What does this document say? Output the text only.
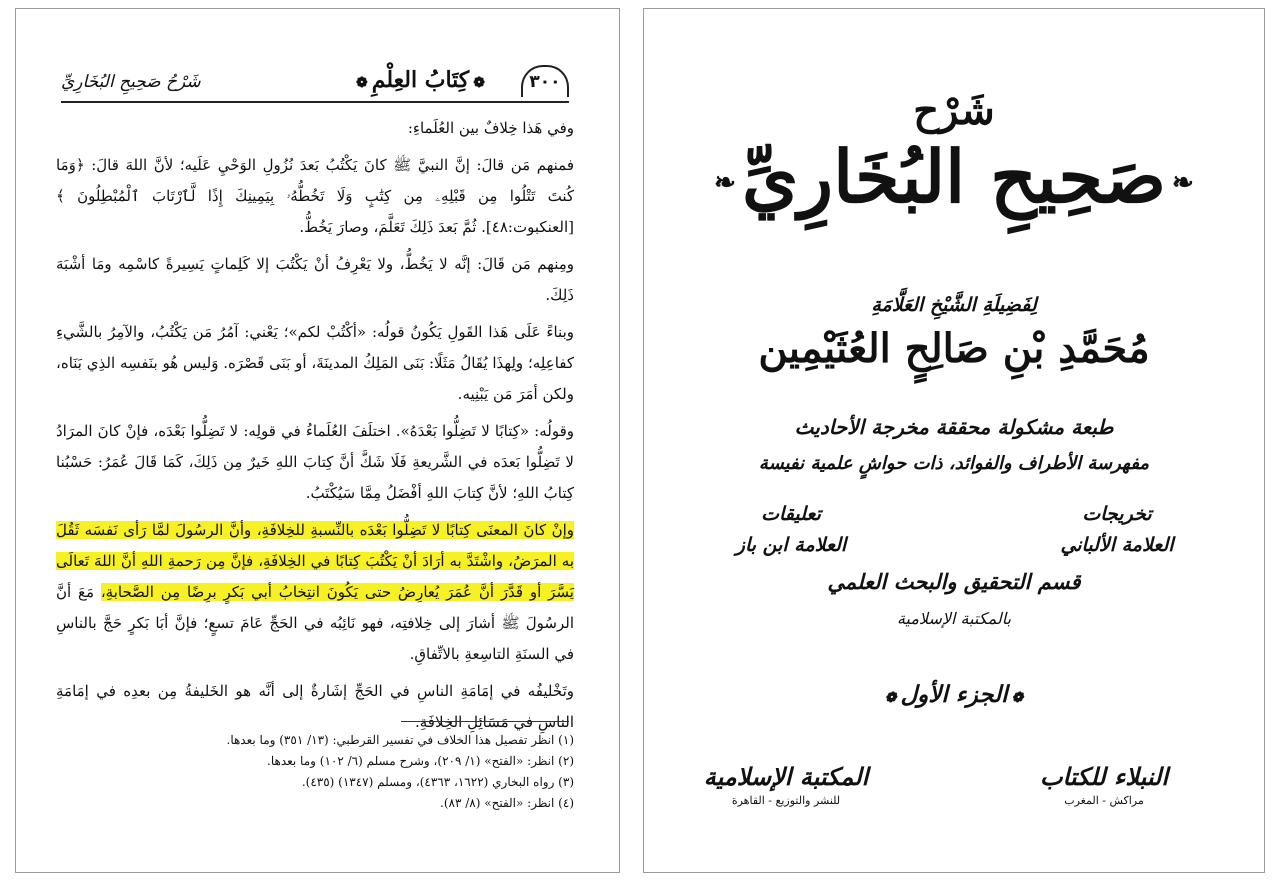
٣٠٠
❁كِتَابُ العِلْمِ❁
شَرْحُ صَحِيحِ البُخَارِيِّ

وفي هَذا خِلافٌ بين العُلَماءِ:

فمنهم مَن قالَ: إنَّ النبيَّ ﷺ كانَ يَكْتُبُ بَعدَ نُزُولِ الوَحْيِ عَلَيه؛ لأنَّ اللهَ قالَ: ﴿وَمَا كُنتَ تَتْلُوا مِن قَبْلِهِۦ مِن كِتَٰبٍ وَلَا تَخُطُّهُۥ بِيَمِينِكَ إِذًا لَّٱرْتَابَ ٱلْمُبْطِلُونَ ﴾ [العنكبوت:٤٨]. ثُمَّ بَعدَ ذَلِكَ تَعَلَّمَ، وصارَ يَخُطُّ.

ومِنهم مَن قَالَ: إنَّه لا يَخُطُّ، ولا يَعْرِفُ أنْ يَكْتُبَ إلا كَلِماتٍ يَسِيرةً كاسْمِه ومَا أشْبَهَ ذَلِكَ.

وبناءً عَلَى هَذا القَولِ يَكُونُ قولُه: «أكْتُبْ لكم»؛ يَعْني: آمُرُ مَن يَكْتُبُ، والآمِرُ بالشَّيءِ كفاعِلِه؛ ولِهذَا يُقَالُ مَثَلًا: بَنَى المَلِكُ المدينَةَ، أو بَنَى قَصْرَه. وَليس هُو بنَفسِه الذِي بَنَاه، ولكن أمَرَ مَن يَبْنِيه.

وقولُه: «كِتابًا لا تَضِلُّوا بَعْدَهُ». اختلَفَ العُلَماءُ في قولِه: لا تَضِلُّوا بَعْدَه، فإنْ كانَ المرَادُ لا تَضِلُّوا بَعدَه في الشَّريعةِ فَلَا شَكَّ أنَّ كِتابَ اللهِ خَيرٌ مِن ذَلِكَ، كَمَا قَالَ عُمَرُ: حَسْبُنا كِتابُ اللهِ؛ لأنَّ كِتابَ اللهِ أفْضَلُ مِمَّا سَيُكْتَبُ.

وإنْ كانَ المعنَى كِتابًا لا تَضِلُّوا بَعْدَه بالنِّسبةِ للخِلافَةِ، وأنَّ الرسُولَ لمَّا رَأى نَفسَه ثَقُلَ به المرَضُ، واشْتَدَّ به أرَادَ أنْ يَكْتُبَ كِتابًا في الخِلافَةِ، فإنَّ مِن رَحمةِ اللهِ أنَّ اللهَ تَعالَى يَسَّرَ أو قَدَّرَ أنَّ عُمَرَ يُعارِضُ حتى يَكُونَ انتِخابُ أبي بَكرٍ برِضًا مِن الصَّحابةِ، مَعَ أنَّ الرسُولَ ﷺ أشارَ إلى خِلافتِه، فهو نَائِبُه في الحَجِّ عَامَ تسعٍ؛ فإنَّ أبَا بَكرٍ حَجَّ بالناسِ في السنَةِ التاسِعةِ بالاتِّفاقِ.

وتَخْليفُه في إمَامَةِ الناسِ في الحَجِّ إشَارةٌ إلى أنَّه هو الخَليفةُ مِن بعدِه في إمَامَةِ الناسِ في مَسَائِلِ الخِلافَةِ.

(١) انظر تفصيل هذا الخلاف في تفسير القرطبي: (١٣/ ٣٥١) وما بعدها.
(٢) انظر: «الفتح» (١/ ٢٠٩)، وشرح مسلم (٦/ ١٠٢) وما بعدها.
(٣) رواه البخاري (١٦٢٢، ٤٣٦٣)، ومسلم (١٣٤٧) (٤٣٥).
(٤) انظر: «الفتح» (٨/ ٨٣).
شَرْح
❧صَحِيحِ البُخَارِيِّ❧
لِفَضِيلَةِ الشَّيْخِ العَلَّامَةِ
مُحَمَّدِ بْنِ صَالِحٍ العُثَيْمِين
طبعة مشكولة محققة مخرجة الأحاديث
مفهرسة الأطراف والفوائد، ذات حواشٍ علمية نفيسة
تخريجات
العلامة الألباني
تعليقات
العلامة ابن باز
قسم التحقيق والبحث العلمي
بالمكتبة الإسلامية
❁الجزء الأول❁
المكتبة الإسلامية
للنشر والتوزيع - القاهرة
النبلاء للكتاب
مراكش - المغرب
